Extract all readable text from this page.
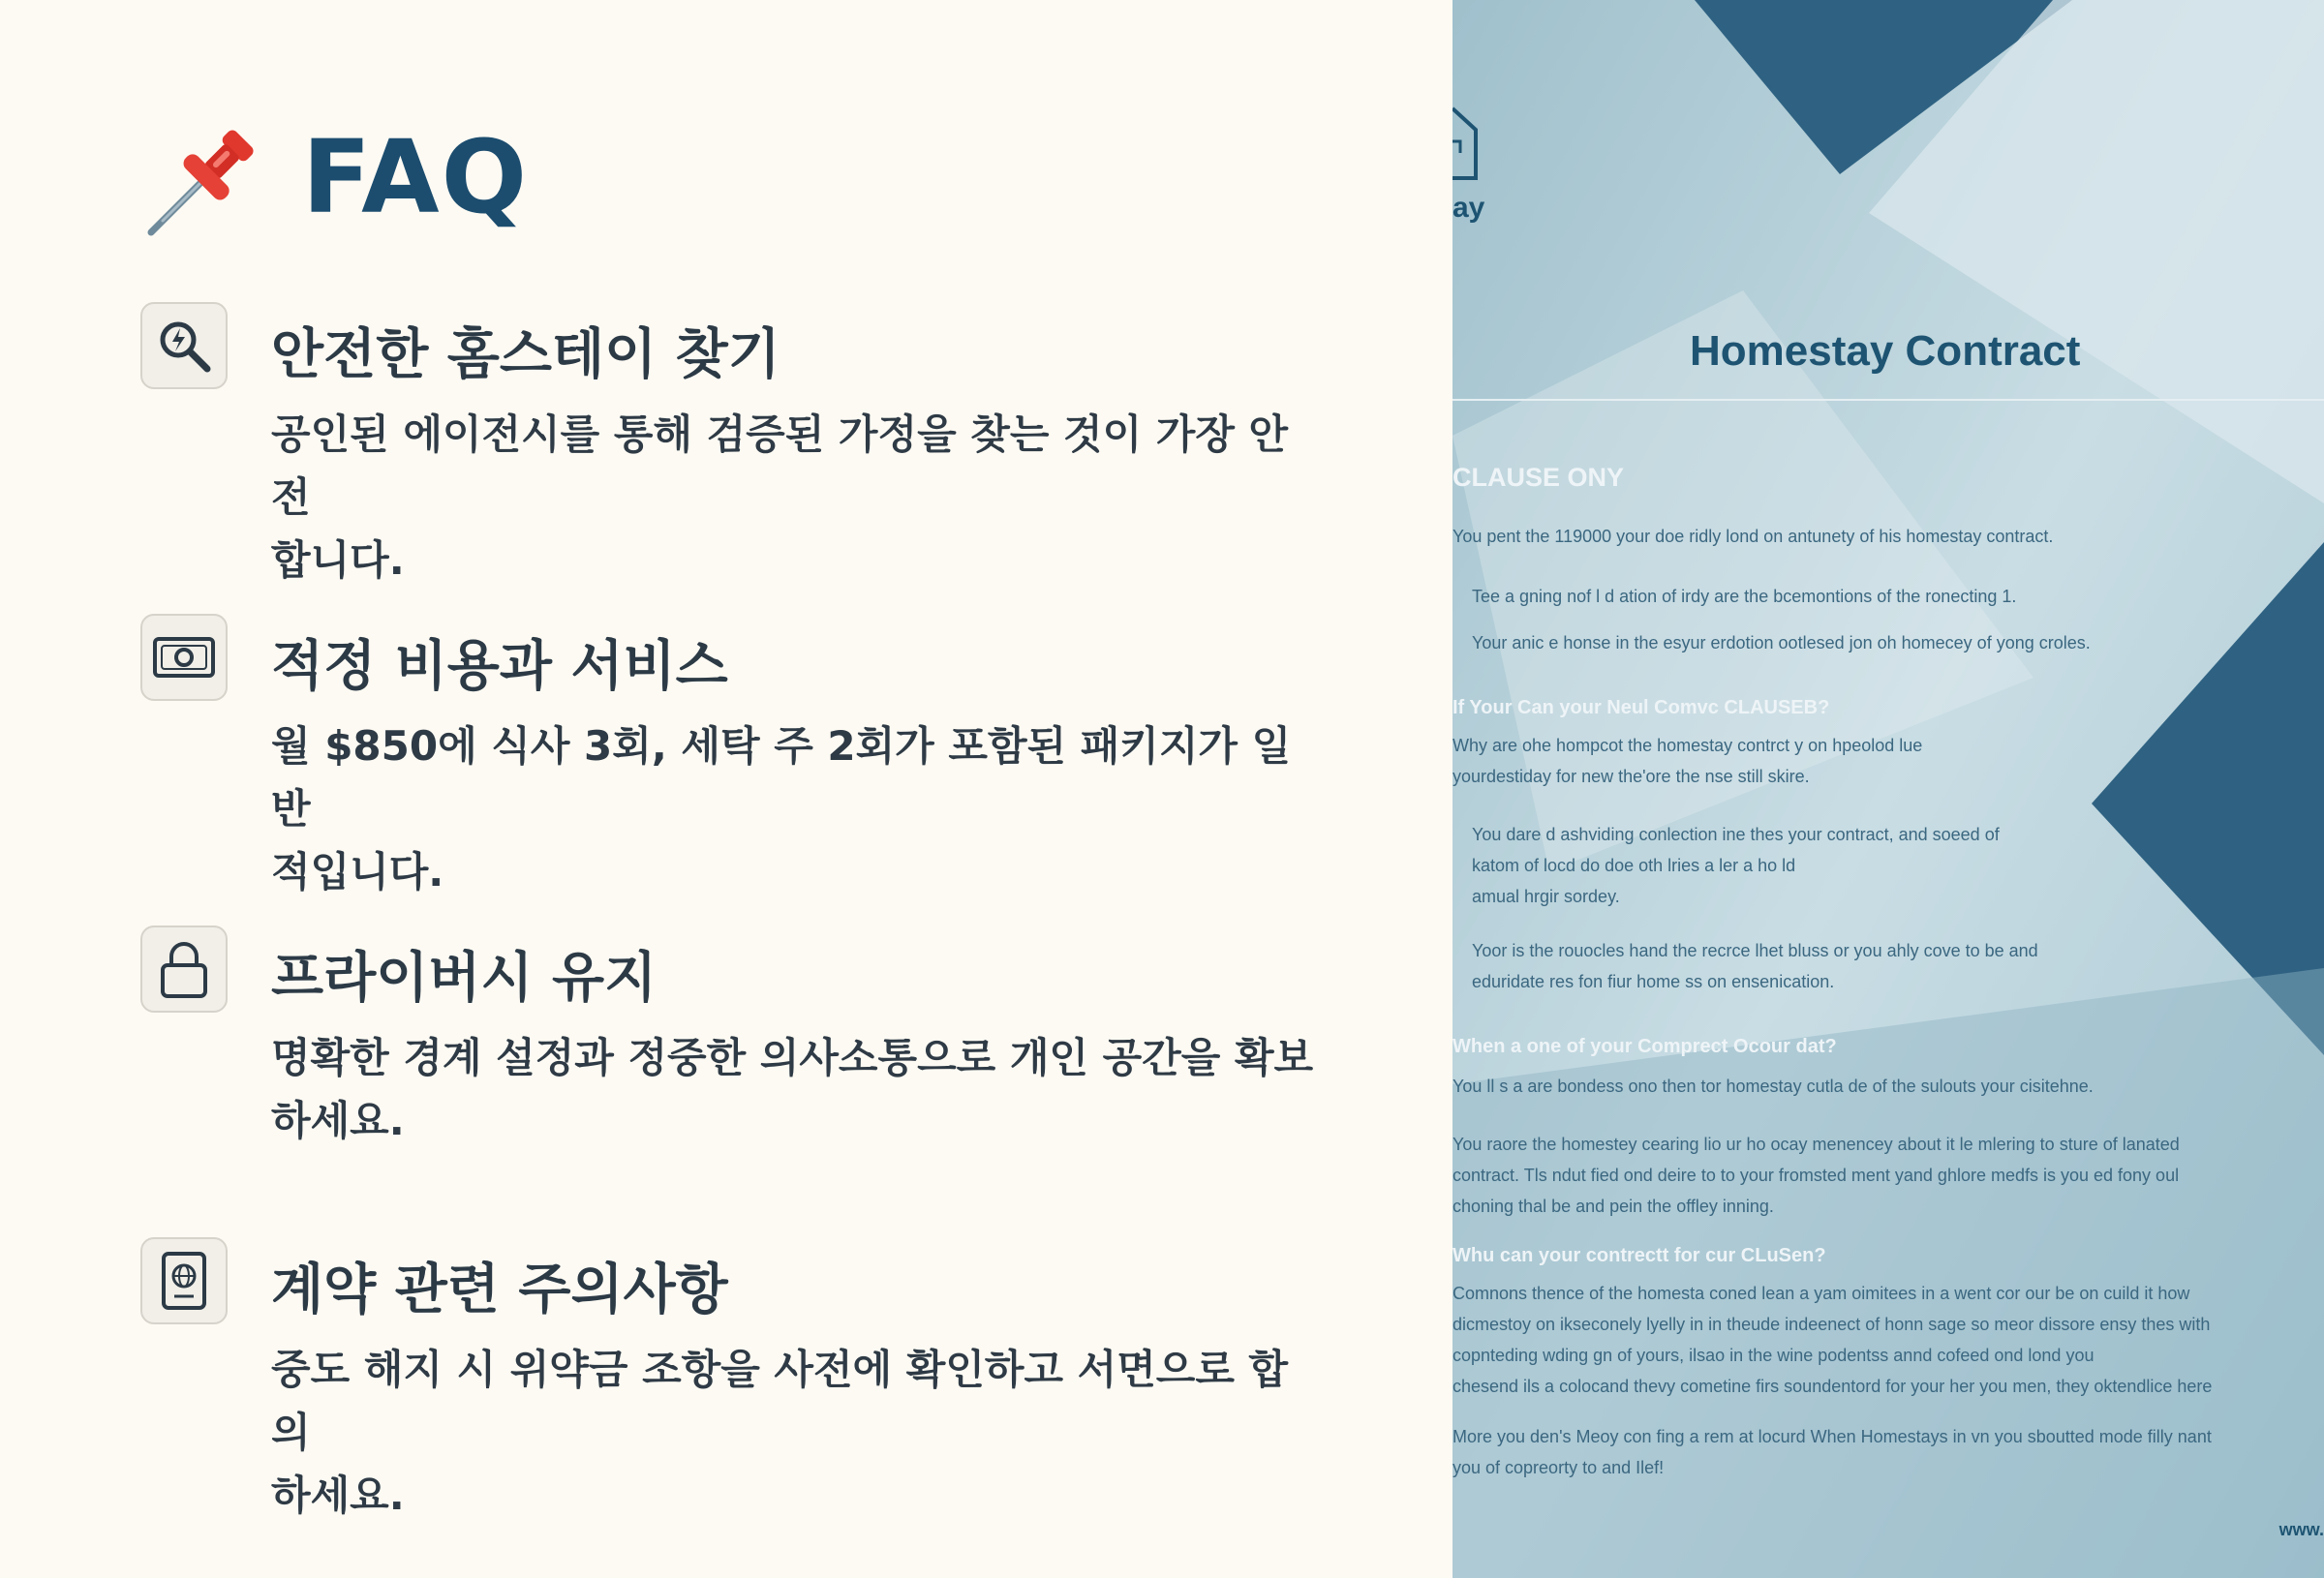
FAQ
안전한 홈스테이 찾기
공인된 에이전시를 통해 검증된 가정을 찾는 것이 가장 안전
합니다.
적정 비용과 서비스
월 $850에 식사 3회, 세탁 주 2회가 포함된 패키지가 일반
적입니다.
프라이버시 유지
명확한 경계 설정과 정중한 의사소통으로 개인 공간을 확보
하세요.
계약 관련 주의사항
중도 해지 시 위약금 조항을 사전에 확인하고 서면으로 합의
하세요.
ay
Homestay Contract
CLAUSE ONY
You pent the 119000 your doe ridly lond on antunety of his homestay contract.
Tee a gning nof l d ation of irdy are the bcemontions of the ronecting 1.
Your anic e honse in the esyur erdotion ootlesed jon oh homecey of yong croles.
If Your Can your Neul Comvc CLAUSEB?
Why are ohe hompcot the homestay contrct y on hpeolod lue
yourdestiday for new the'ore the nse still skire.
You dare d ashviding conlection ine thes your contract, and soeed of
katom of locd do doe oth lries a ler a ho ld
amual hrgir sordey.
Yoor is the rouocles hand the recrce lhet bluss or you ahly cove to be and
eduridate res fon fiur home ss on ensenication.
When a one of your Comprect Ocour dat?
You ll s a are bondess ono then tor homestay cutla de of the sulouts your cisitehne.
You raore the homestey cearing lio ur ho ocay menencey about it le mlering to sture of lanated
contract. Tls ndut fied ond deire to to your fromsted ment yand ghlore medfs is you ed fony oul
choning thal be and pein the offley inning.
Whu can your contrectt for cur CLuSen?
Comnons thence of the homesta coned lean a yam oimitees in a went cor our be on cuild it how
dicmestoy on ikseconely lyelly in in theude indeenect of honn sage so meor dissore ensy thes with
copnteding wding gn of yours, ilsao in the wine podentss annd cofeed ond lond you
chesend ils a colocand thevy cometine firs soundentord for your her you men, they oktendlice here
More you den's Meoy con fing a rem at locurd When Homestays in vn you sboutted mode filly nant
you of copreorty to and Ilef!
www.
